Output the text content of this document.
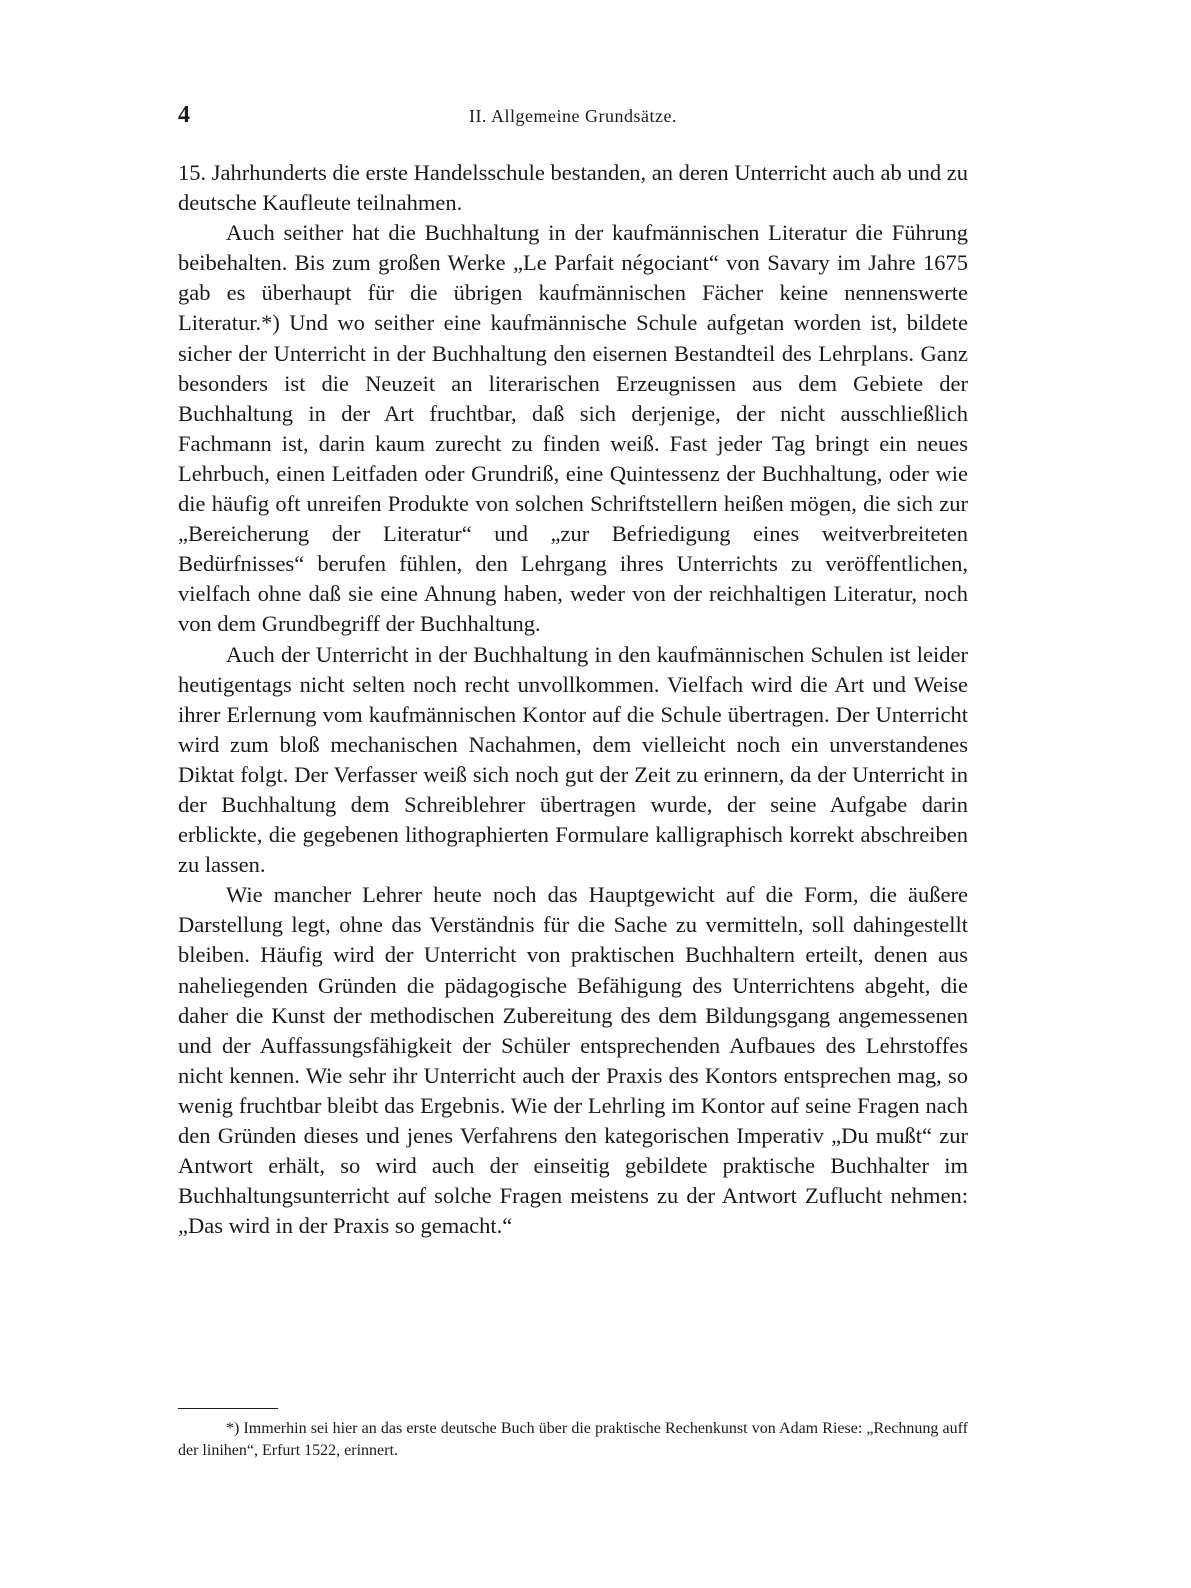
4	II. Allgemeine Grundsätze.

15. Jahrhunderts die erste Handelsschule bestanden, an deren Unterricht auch ab und zu deutsche Kaufleute teilnahmen.

Auch seither hat die Buchhaltung in der kaufmännischen Literatur die Führung beibehalten. Bis zum großen Werke „Le Parfait négociant“ von Savary im Jahre 1675 gab es überhaupt für die übrigen kaufmännischen Fächer keine nennenswerte Literatur.*) Und wo seither eine kaufmännische Schule aufgetan worden ist, bildete sicher der Unterricht in der Buchhaltung den eisernen Bestandteil des Lehrplans. Ganz besonders ist die Neuzeit an literarischen Erzeugnissen aus dem Gebiete der Buchhaltung in der Art fruchtbar, daß sich derjenige, der nicht ausschließlich Fachmann ist, darin kaum zurecht zu finden weiß. Fast jeder Tag bringt ein neues Lehrbuch, einen Leitfaden oder Grundriß, eine Quintessenz der Buchhaltung, oder wie die häufig oft unreifen Produkte von solchen Schriftstellern heißen mögen, die sich zur „Bereicherung der Literatur“ und „zur Befriedigung eines weitverbreiteten Bedürfnisses“ berufen fühlen, den Lehrgang ihres Unterrichts zu veröffentlichen, vielfach ohne daß sie eine Ahnung haben, weder von der reichhaltigen Literatur, noch von dem Grundbegriff der Buchhaltung.

Auch der Unterricht in der Buchhaltung in den kaufmännischen Schulen ist leider heutigentags nicht selten noch recht unvollkommen. Vielfach wird die Art und Weise ihrer Erlernung vom kaufmännischen Kontor auf die Schule übertragen. Der Unterricht wird zum bloß mechanischen Nachahmen, dem vielleicht noch ein unverstandenes Diktat folgt. Der Verfasser weiß sich noch gut der Zeit zu erinnern, da der Unterricht in der Buchhaltung dem Schreiblehrer übertragen wurde, der seine Aufgabe darin erblickte, die gegebenen lithographierten Formulare kalligraphisch korrekt abschreiben zu lassen.

Wie mancher Lehrer heute noch das Hauptgewicht auf die Form, die äußere Darstellung legt, ohne das Verständnis für die Sache zu vermitteln, soll dahingestellt bleiben. Häufig wird der Unterricht von praktischen Buchhaltern erteilt, denen aus naheliegenden Gründen die pädagogische Befähigung des Unterrichtens abgeht, die daher die Kunst der methodischen Zubereitung des dem Bildungsgang angemessenen und der Auffassungsfähigkeit der Schüler entsprechenden Aufbaues des Lehrstoffes nicht kennen. Wie sehr ihr Unterricht auch der Praxis des Kontors entsprechen mag, so wenig fruchtbar bleibt das Ergebnis. Wie der Lehrling im Kontor auf seine Fragen nach den Gründen dieses und jenes Verfahrens den kategorischen Imperativ „Du mußt“ zur Antwort erhält, so wird auch der einseitig gebildete praktische Buchhalter im Buchhaltungsunterricht auf solche Fragen meistens zu der Antwort Zuflucht nehmen: „Das wird in der Praxis so gemacht.“

*) Immerhin sei hier an das erste deutsche Buch über die praktische Rechenkunst von Adam Riese: „Rechnung auff der linihen“, Erfurt 1522, erinnert.
